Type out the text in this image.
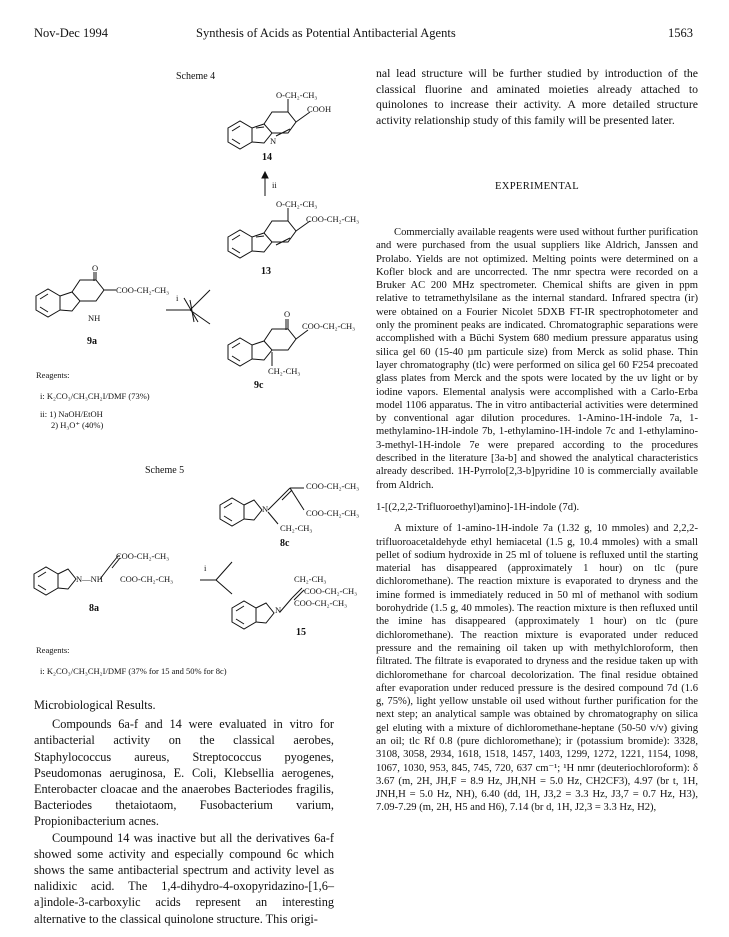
Nov-Dec 1994	Synthesis of Acids as Potential Antibacterial Agents	1563
Scheme 4
O-CH₂-CH₃
COOH
N
14
ii
O-CH₂-CH₃
COO-CH₂-CH₃
13
O
COO-CH₂-CH₃
NH
9a
i
O
COO-CH₂-CH₃
CH₂-CH₃
9c
Reagents:
i: K₂CO₃/CH₃CH₂I/DMF (73%)
ii: 1) NaOH/EtOH
2) H₃O⁺ (40%)
Scheme 5
COO-CH₂-CH₃
N	COO-CH₂-CH₃
CH₂-CH₃
8c
COO-CH₂-CH₃
N—NH COO-CH₂-CH₃
8a
i
CH₂-CH₃
COO-CH₂-CH₃
N
COO-CH₂-CH₃
15
Reagents:
i: K₂CO₃/CH₃CH₂I/DMF (37% for 15 and 50% for 8c)

Microbiological Results.

Compounds 6a-f and 14 were evaluated in vitro for antibacterial activity on the classical aerobes, Staphylococcus aureus, Streptococcus pyogenes, Pseudomonas aeruginosa, E. Coli, Klebsellia aerogenes, Enterobacter cloacae and the anaerobes Bacteriodes fragilis, Bacteriodes thetaiotaom, Fusobacterium varium, Propionibacterium acnes.

Coumpound 14 was inactive but all the derivatives 6a-f showed some activity and especially compound 6c which shows the same antibacterial spectrum and activity level as nalidixic acid. The 1,4-dihydro-4-oxopyridazino-[1,6–a]indole-3-carboxylic acids represent an interesting alternative to the classical quinolone structure. This origi-

nal lead structure will be further studied by introduction of the classical fluorine and aminated moieties already attached to quinolones to increase their activity. A more detailed structure activity relationship study of this family will be presented later.

EXPERIMENTAL

Commercially available reagents were used without further purification and were purchased from the usual suppliers like Aldrich, Janssen and Prolabo. Yields are not optimized. Melting points were determined on a Kofler block and are uncorrected. The nmr spectra were recorded on a Bruker AC 200 MHz spectrometer. Chemical shifts are given in ppm relative to tetramethylsilane as the internal standard. Infrared spectra (ir) were obtained on a Fourier Nicolet 5DXB FT-IR spectrophotometer and only the prominent peaks are indicated. Chromatographic separations were accomplished with a Büchi System 680 medium pressure apparatus using silica gel 60 (15-40 µm particule size) from Merck as solid phase. Thin layer chromatography (tlc) were performed on silica gel 60 F254 precoated glass plates from Merck and the spots were located by the uv light or by iodine vapors. Elemental analysis were accomplished with a Carlo-Erba model 1106 apparatus. The in vitro antibacterial activities were determined by conventional agar dilution procedures. 1-Amino-1H-indole 7a, 1-methylamino-1H-indole 7b, 1-ethylamino-1H-indole 7c and 1-ethylamino-3-methyl-1H-indole 7e were prepared according to the procedures described in the literature [3a-b] and showed the analytical characteristics already described. 1H-Pyrrolo[2,3-b]pyridine 10 is commercially available from Aldrich.

1-[(2,2,2-Trifluoroethyl)amino]-1H-indole (7d).

A mixture of 1-amino-1H-indole 7a (1.32 g, 10 mmoles) and 2,2,2-trifluoroacetaldehyde ethyl hemiacetal (1.5 g, 10.4 mmoles) with a small pellet of sodium hydroxide in 25 ml of toluene is refluxed until the starting material has disappeared (approximately 1 hour) on tlc (pure dichloromethane). The reaction mixture is evaporated to dryness and the imine formed is immediately reduced in 50 ml of methanol with sodium borohydride (1.5 g, 40 mmoles). The reaction mixture is then refluxed until the imine has disappeared (approximately 1 hour) on tlc (pure dichloromethane). The reaction mixture is evaporated under reduced pressure and the remaining oil taken up with methylchloroform, then filtrated. The filtrate is evaporated to dryness and the residue taken up with dichloromethane for charcoal decolorization. The final residue obtained after evaporation under reduced pressure is the desired compound 7d (1.6 g, 75%), light yellow unstable oil used without further purification for the next step; an analytical sample was obtained by chromatography on silica gel eluting with a mixture of dichloromethane-heptane (50-50 v/v) giving an oil; tlc Rf 0.8 (pure dichloromethane); ir (potassium bromide): 3328, 3108, 3058, 2934, 1618, 1518, 1457, 1403, 1299, 1272, 1221, 1154, 1098, 1067, 1030, 953, 845, 745, 720, 637 cm⁻¹; ¹H nmr (deuteriochloroform): δ 3.67 (m, 2H, JH,F = 8.9 Hz, JH,NH = 5.0 Hz, CH2CF3), 4.97 (br t, 1H, JNH,H = 5.0 Hz, NH), 6.40 (dd, 1H, J3,2 = 3.3 Hz, J3,7 = 0.7 Hz, H3), 7.09-7.29 (m, 2H, H5 and H6), 7.14 (br d, 1H, J2,3 = 3.3 Hz, H2),
